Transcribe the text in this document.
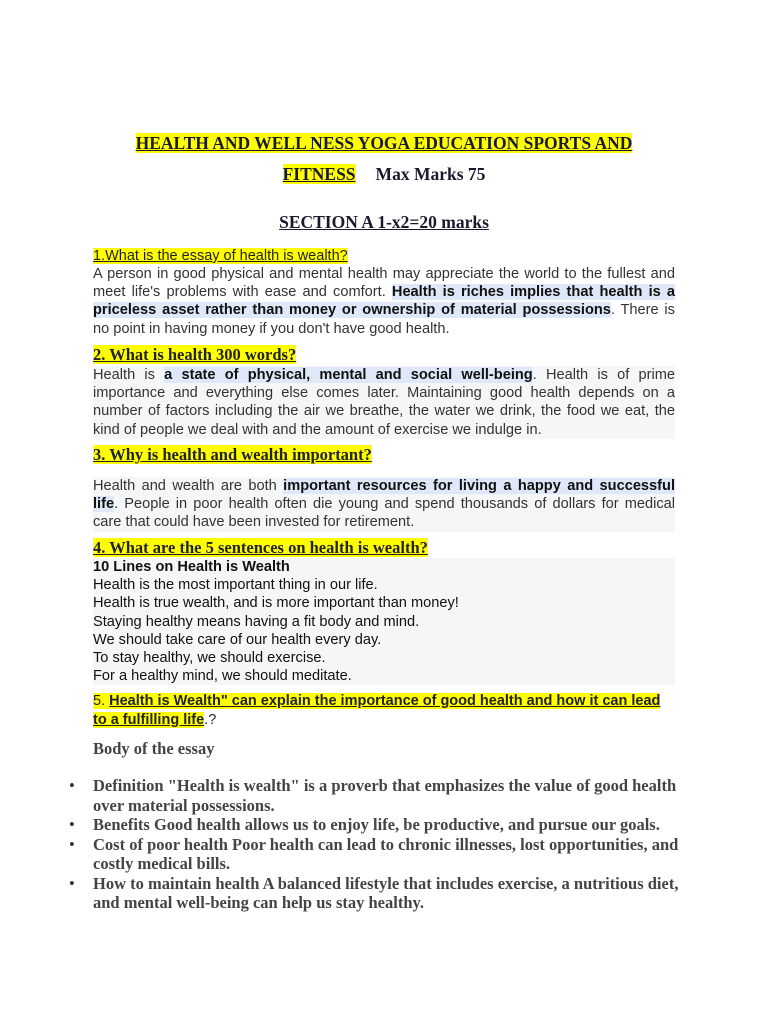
HEALTH AND WELL NESS YOGA EDUCATION SPORTS AND
FITNESS Max Marks 75
SECTION A 1-x2=20 marks
1.What is the essay of health is wealth?
A person in good physical and mental health may appreciate the world to the fullest and meet life's problems with ease and comfort. Health is riches implies that health is a priceless asset rather than money or ownership of material possessions. There is no point in having money if you don't have good health.
2. What is health 300 words?
Health is a state of physical, mental and social well-being. Health is of prime importance and everything else comes later. Maintaining good health depends on a number of factors including the air we breathe, the water we drink, the food we eat, the kind of people we deal with and the amount of exercise we indulge in.
3. Why is health and wealth important?
Health and wealth are both important resources for living a happy and successful life. People in poor health often die young and spend thousands of dollars for medical care that could have been invested for retirement.
4. What are the 5 sentences on health is wealth?
10 Lines on Health is Wealth
Health is the most important thing in our life.
Health is true wealth, and is more important than money!
Staying healthy means having a fit body and mind.
We should take care of our health every day.
To stay healthy, we should exercise.
For a healthy mind, we should meditate.
5. Health is Wealth" can explain the importance of good health and how it can lead to a fulfilling life.?
Body of the essay
• Definition "Health is wealth" is a proverb that emphasizes the value of good health over material possessions.
• Benefits Good health allows us to enjoy life, be productive, and pursue our goals.
• Cost of poor health Poor health can lead to chronic illnesses, lost opportunities, and costly medical bills.
• How to maintain health A balanced lifestyle that includes exercise, a nutritious diet, and mental well-being can help us stay healthy.
